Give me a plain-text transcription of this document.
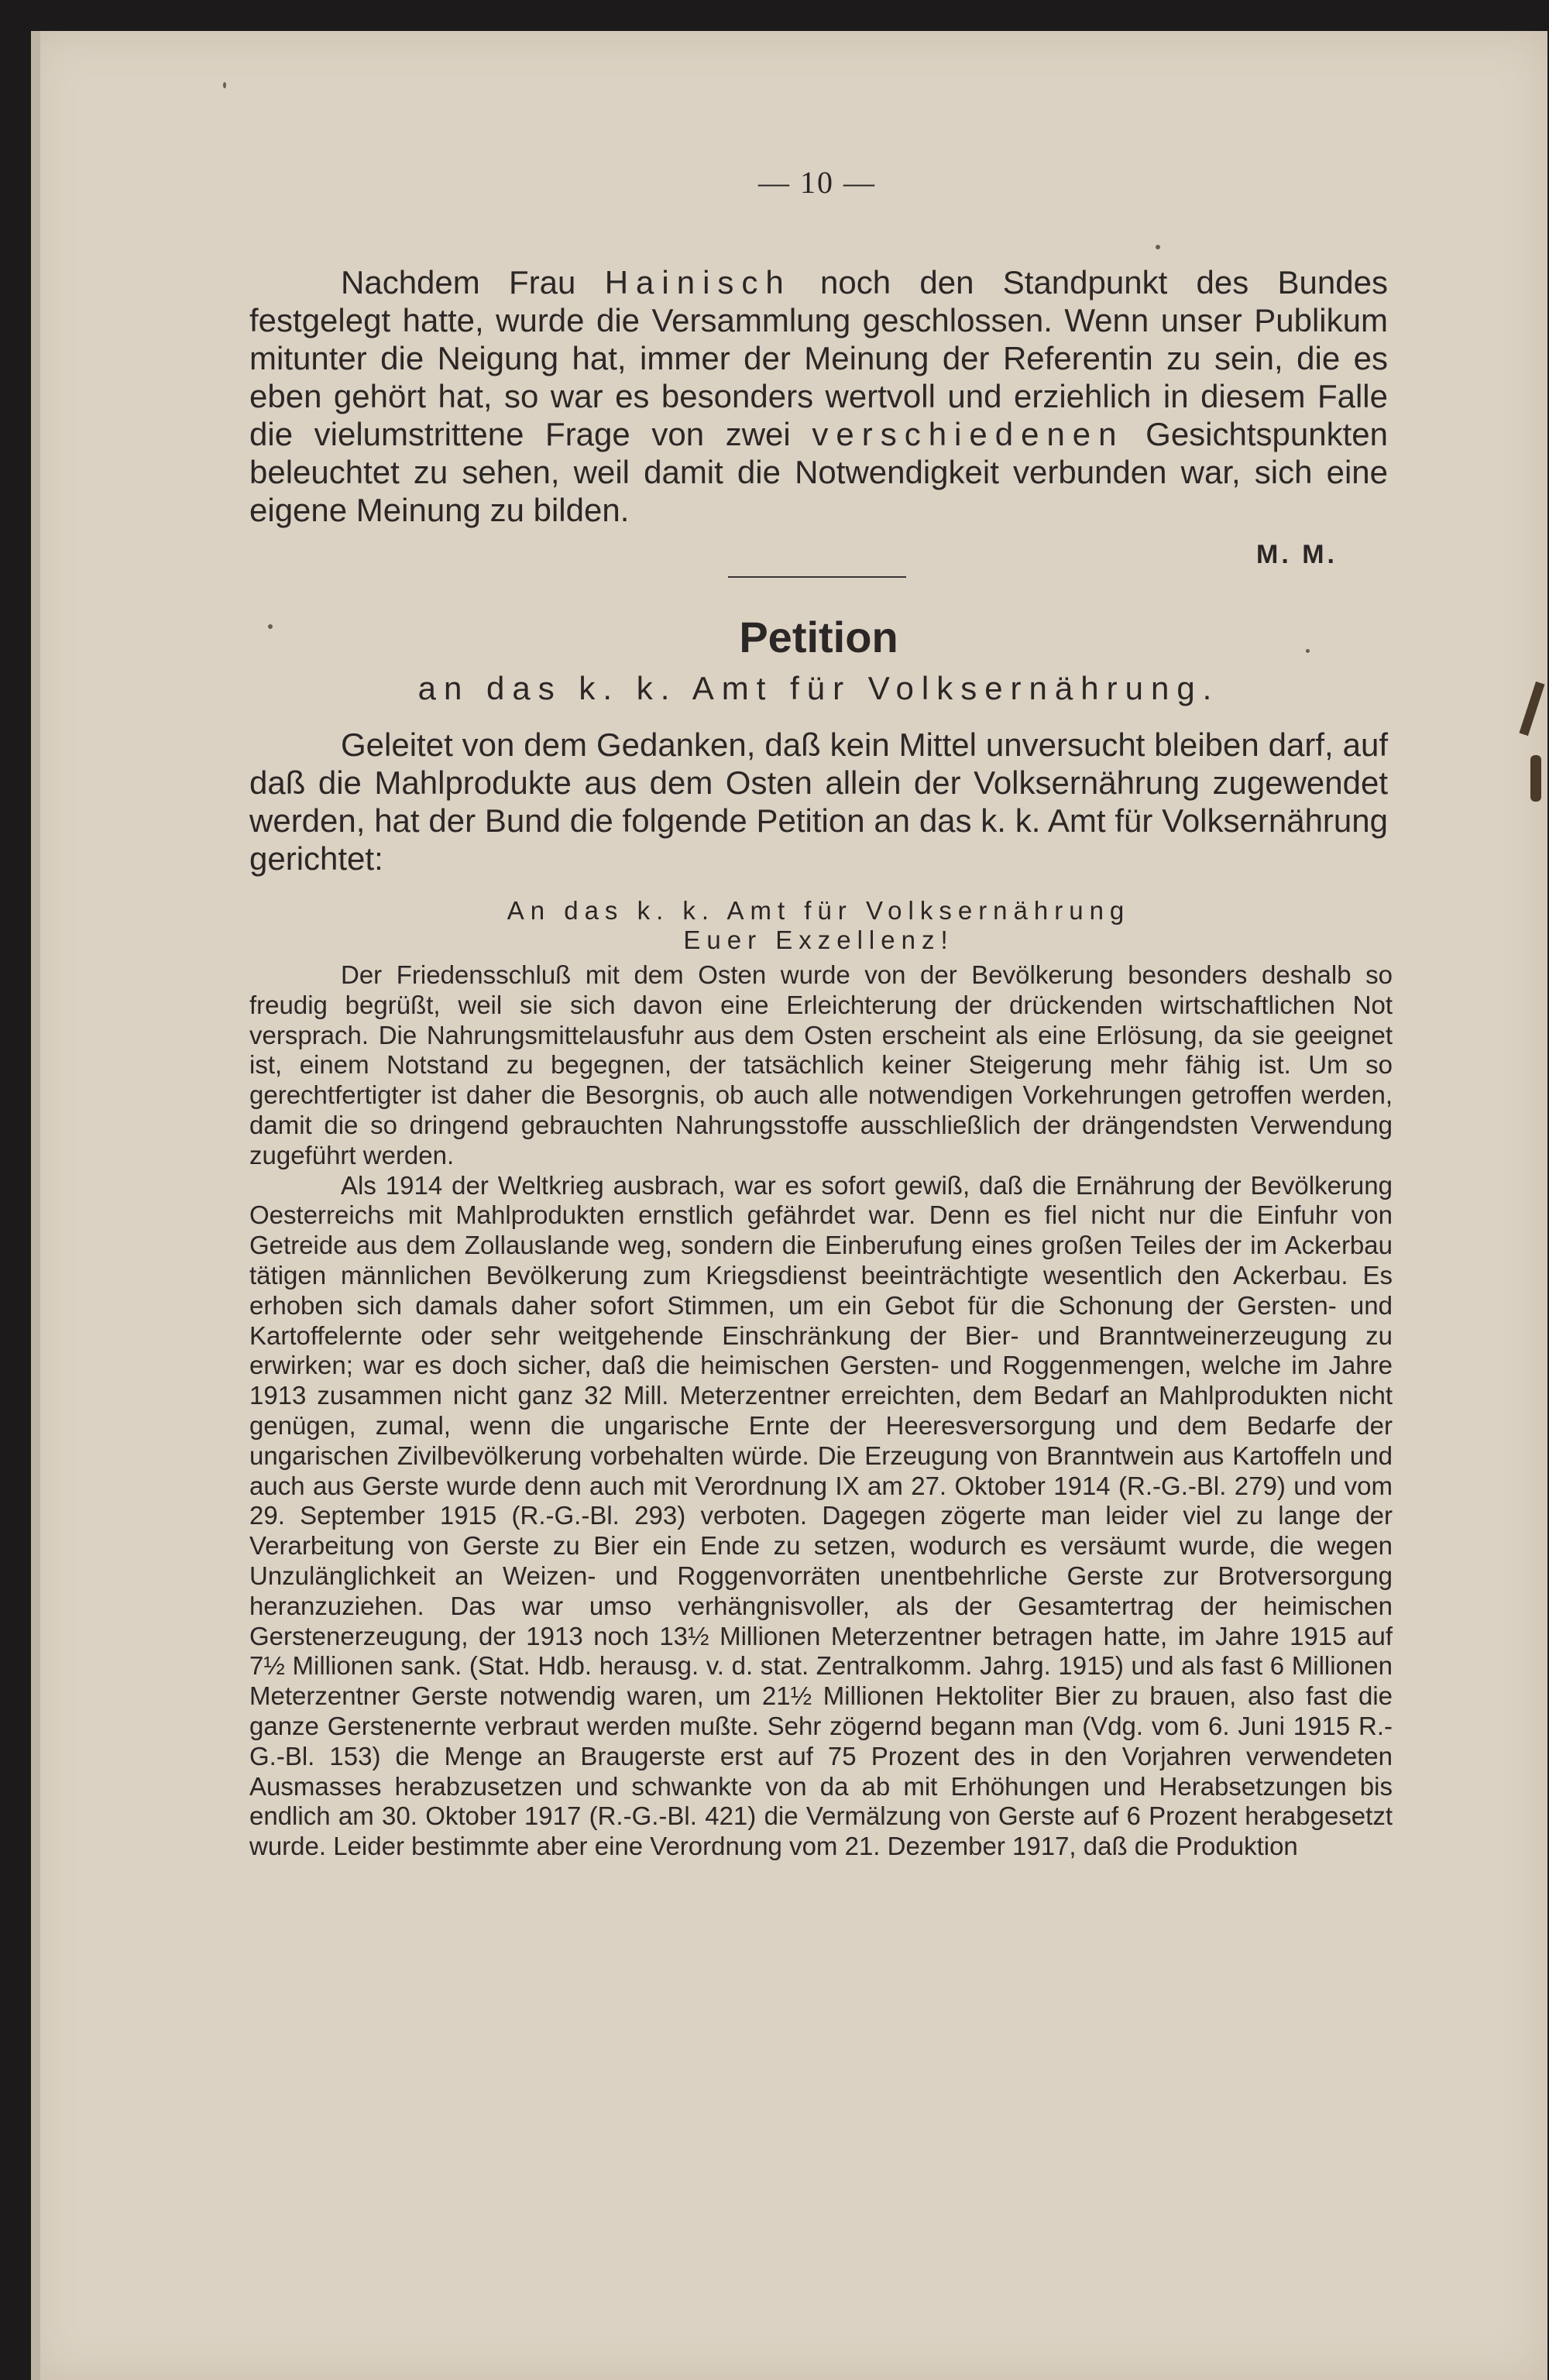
— 10 —

Nachdem Frau Hainisch noch den Standpunkt des Bundes festgelegt hatte, wurde die Versammlung geschlossen. Wenn unser Publikum mitunter die Neigung hat, immer der Meinung der Referentin zu sein, die es eben gehört hat, so war es besonders wertvoll und erziehlich in diesem Falle die vielumstrittene Frage von zwei verschiedenen Gesichtspunkten beleuchtet zu sehen, weil damit die Notwendigkeit verbunden war, sich eine eigene Meinung zu bilden.

M. M.
Petition
an das k. k. Amt für Volksernährung.

Geleitet von dem Gedanken, daß kein Mittel unversucht bleiben darf, auf daß die Mahlprodukte aus dem Osten allein der Volksernährung zugewendet werden, hat der Bund die folgende Petition an das k. k. Amt für Volksernährung gerichtet:

An das k. k. Amt für Volksernährung
Euer Exzellenz!

Der Friedensschluß mit dem Osten wurde von der Bevölkerung besonders deshalb so freudig begrüßt, weil sie sich davon eine Erleichterung der drückenden wirtschaftlichen Not versprach. Die Nahrungsmittelausfuhr aus dem Osten erscheint als eine Erlösung, da sie geeignet ist, einem Notstand zu begegnen, der tatsächlich keiner Steigerung mehr fähig ist. Um so gerechtfertigter ist daher die Besorgnis, ob auch alle notwendigen Vorkehrungen getroffen werden, damit die so dringend gebrauchten Nahrungsstoffe ausschließlich der drängendsten Verwendung zugeführt werden.

Als 1914 der Weltkrieg ausbrach, war es sofort gewiß, daß die Ernährung der Bevölkerung Oesterreichs mit Mahlprodukten ernstlich gefährdet war. Denn es fiel nicht nur die Einfuhr von Getreide aus dem Zollauslande weg, sondern die Einberufung eines großen Teiles der im Ackerbau tätigen männlichen Bevölkerung zum Kriegsdienst beeinträchtigte wesentlich den Ackerbau. Es erhoben sich damals daher sofort Stimmen, um ein Gebot für die Schonung der Gersten- und Kartoffelernte oder sehr weitgehende Einschränkung der Bier- und Branntweinerzeugung zu erwirken; war es doch sicher, daß die heimischen Gersten- und Roggenmengen, welche im Jahre 1913 zusammen nicht ganz 32 Mill. Meterzentner erreichten, dem Bedarf an Mahlprodukten nicht genügen, zumal, wenn die ungarische Ernte der Heeresversorgung und dem Bedarfe der ungarischen Zivilbevölkerung vorbehalten würde. Die Erzeugung von Branntwein aus Kartoffeln und auch aus Gerste wurde denn auch mit Verordnung IX am 27. Oktober 1914 (R.-G.-Bl. 279) und vom 29. September 1915 (R.-G.-Bl. 293) verboten. Dagegen zögerte man leider viel zu lange der Verarbeitung von Gerste zu Bier ein Ende zu setzen, wodurch es versäumt wurde, die wegen Unzulänglichkeit an Weizen- und Roggenvorräten unentbehrliche Gerste zur Brotversorgung heranzuziehen. Das war umso verhängnisvoller, als der Gesamtertrag der heimischen Gerstenerzeugung, der 1913 noch 13½ Millionen Meterzentner betragen hatte, im Jahre 1915 auf 7½ Millionen sank. (Stat. Hdb. herausg. v. d. stat. Zentralkomm. Jahrg. 1915) und als fast 6 Millionen Meterzentner Gerste notwendig waren, um 21½ Millionen Hektoliter Bier zu brauen, also fast die ganze Gerstenernte verbraut werden mußte. Sehr zögernd begann man (Vdg. vom 6. Juni 1915 R.-G.-Bl. 153) die Menge an Braugerste erst auf 75 Prozent des in den Vorjahren verwendeten Ausmasses herabzusetzen und schwankte von da ab mit Erhöhungen und Herabsetzungen bis endlich am 30. Oktober 1917 (R.-G.-Bl. 421) die Vermälzung von Gerste auf 6 Prozent herabgesetzt wurde. Leider bestimmte aber eine Verordnung vom 21. Dezember 1917, daß die Produktion
